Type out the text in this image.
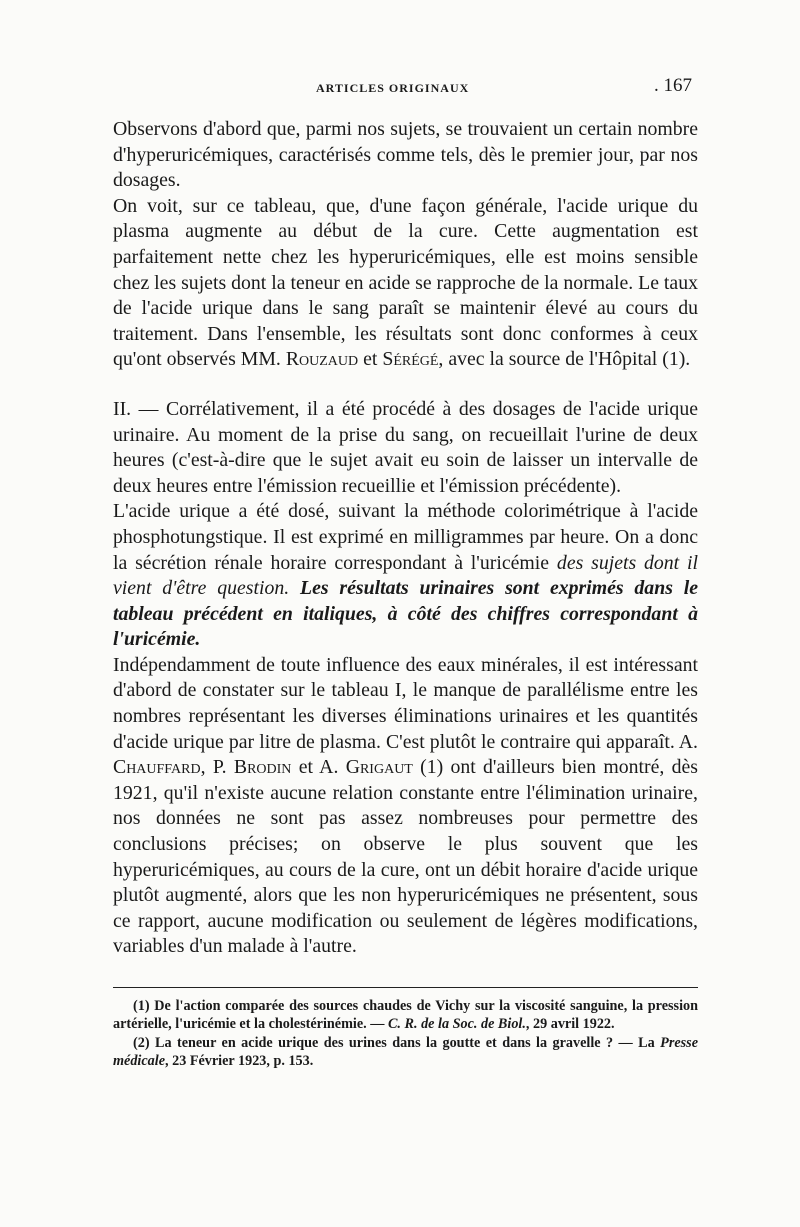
ARTICLES ORIGINAUX	. 167

Observons d'abord que, parmi nos sujets, se trouvaient un certain nombre d'hyperuricémiques, caractérisés comme tels, dès le premier jour, par nos dosages.

On voit, sur ce tableau, que, d'une façon générale, l'acide urique du plasma augmente au début de la cure. Cette augmentation est parfaitement nette chez les hyperuricémiques, elle est moins sensible chez les sujets dont la teneur en acide se rapproche de la normale. Le taux de l'acide urique dans le sang paraît se maintenir élevé au cours du traitement. Dans l'ensemble, les résultats sont donc conformes à ceux qu'ont observés MM. Rouzaud et Sérégé, avec la source de l'Hôpital (1).

II. — Corrélativement, il a été procédé à des dosages de l'acide urique urinaire. Au moment de la prise du sang, on recueillait l'urine de deux heures (c'est-à-dire que le sujet avait eu soin de laisser un intervalle de deux heures entre l'émission recueillie et l'émission précédente).

L'acide urique a été dosé, suivant la méthode colorimétrique à l'acide phosphotungstique. Il est exprimé en milligrammes par heure. On a donc la sécrétion rénale horaire correspondant à l'uricémie des sujets dont il vient d'être question. Les résultats urinaires sont exprimés dans le tableau précédent en italiques, à côté des chiffres correspondant à l'uricémie.

Indépendamment de toute influence des eaux minérales, il est intéressant d'abord de constater sur le tableau I, le manque de parallélisme entre les nombres représentant les diverses éliminations urinaires et les quantités d'acide urique par litre de plasma. C'est plutôt le contraire qui apparaît. A. Chauffard, P. Brodin et A. Grigaut (1) ont d'ailleurs bien montré, dès 1921, qu'il n'existe aucune relation constante entre l'élimination urinaire, nos données ne sont pas assez nombreuses pour permettre des conclusions précises; on observe le plus souvent que les hyperuricémiques, au cours de la cure, ont un débit horaire d'acide urique plutôt augmenté, alors que les non hyperuricémiques ne présentent, sous ce rapport, aucune modification ou seulement de légères modifications, variables d'un malade à l'autre.

(1) De l'action comparée des sources chaudes de Vichy sur la viscosité sanguine, la pression artérielle, l'uricémie et la cholestérinémie. — C. R. de la Soc. de Biol., 29 avril 1922.

(2) La teneur en acide urique des urines dans la goutte et dans la gravelle ? — La Presse médicale, 23 Février 1923, p. 153.
